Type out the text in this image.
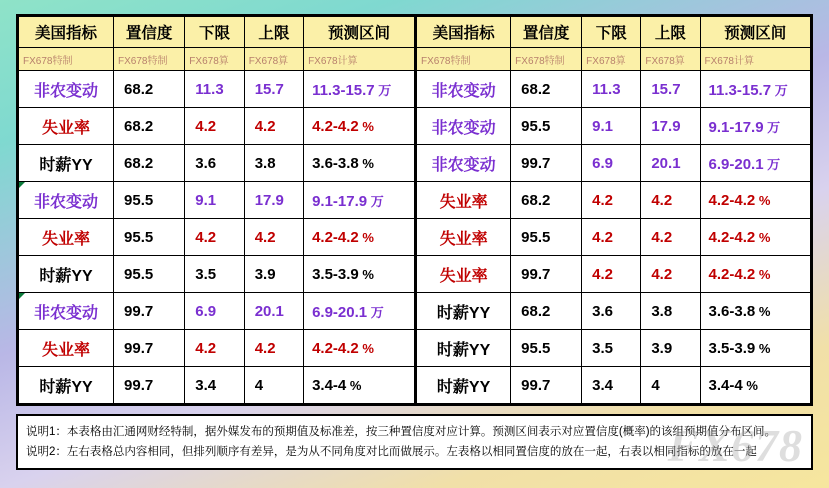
美国指标	置信度	下限	上限	预测区间
FX678特制	FX678特制	FX678算	FX678算	FX678计算
非农变动	68.2	11.3	15.7	11.3-15.7 万
失业率	68.2	4.2	4.2	4.2-4.2 %
时薪YY	68.2	3.6	3.8	3.6-3.8 %
非农变动	95.5	9.1	17.9	9.1-17.9 万
失业率	95.5	4.2	4.2	4.2-4.2 %
时薪YY	95.5	3.5	3.9	3.5-3.9 %
非农变动	99.7	6.9	20.1	6.9-20.1 万
失业率	99.7	4.2	4.2	4.2-4.2 %
时薪YY	99.7	3.4	4	3.4-4 %
美国指标	置信度	下限	上限	预测区间
FX678特制	FX678特制	FX678算	FX678算	FX678计算
非农变动	68.2	11.3	15.7	11.3-15.7 万
非农变动	95.5	9.1	17.9	9.1-17.9 万
非农变动	99.7	6.9	20.1	6.9-20.1 万
失业率	68.2	4.2	4.2	4.2-4.2 %
失业率	95.5	4.2	4.2	4.2-4.2 %
失业率	99.7	4.2	4.2	4.2-4.2 %
时薪YY	68.2	3.6	3.8	3.6-3.8 %
时薪YY	95.5	3.5	3.9	3.5-3.9 %
时薪YY	99.7	3.4	4	3.4-4 %
说明1：本表格由汇通网财经特制，据外媒发布的预期值及标准差，按三种置信度对应计算。预测区间表示对应置信度(概率)的该组预期值分布区间。
说明2：左右表格总内容相同，但排列顺序有差异，是为从不同角度对比而做展示。左表格以相同置信度的放在一起，右表以相同指标的放在一起
FX678
